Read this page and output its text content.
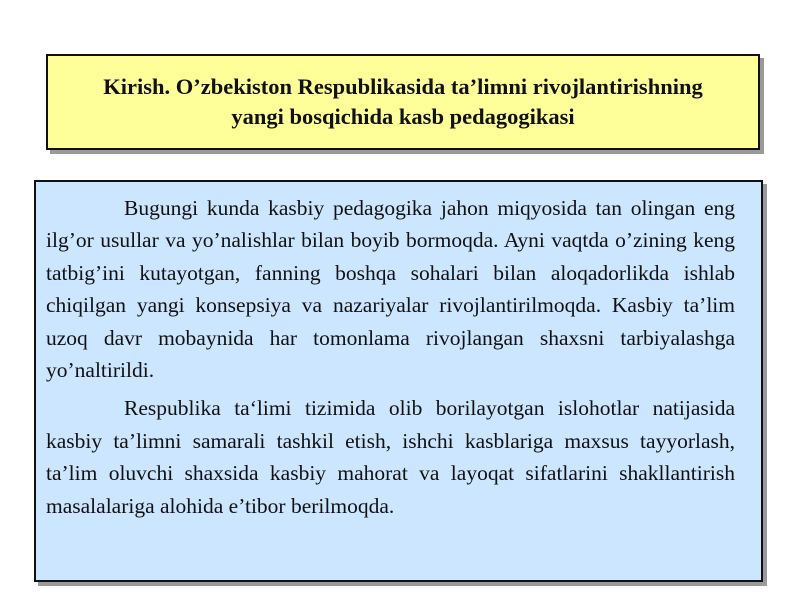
Kirish. O’zbekiston Respublikasida ta’limni rivojlantirishning
yangi bosqichida kasb pedagogikasi

Bugungi kunda kasbiy pedagogika jahon miqyosida tan olingan eng ilg’or usullar va yo’nalishlar bilan boyib bormoqda. Ayni vaqtda o’zining keng tatbig’ini kutayotgan, fanning boshqa sohalari bilan aloqadorlikda ishlab chiqilgan yangi konsepsiya va nazariyalar rivojlantirilmoqda. Kasbiy ta’lim uzoq davr mobaynida har tomonlama rivojlangan shaxsni tarbiyalashga yo’naltirildi.

Respublika ta‘limi tizimida olib borilayotgan islohotlar natijasida kasbiy ta’limni samarali tashkil etish, ishchi kasblariga maxsus tayyorlash, ta’lim oluvchi shaxsida kasbiy mahorat va layoqat sifatlarini shakllantirish masalalariga alohida e’tibor berilmoqda.
